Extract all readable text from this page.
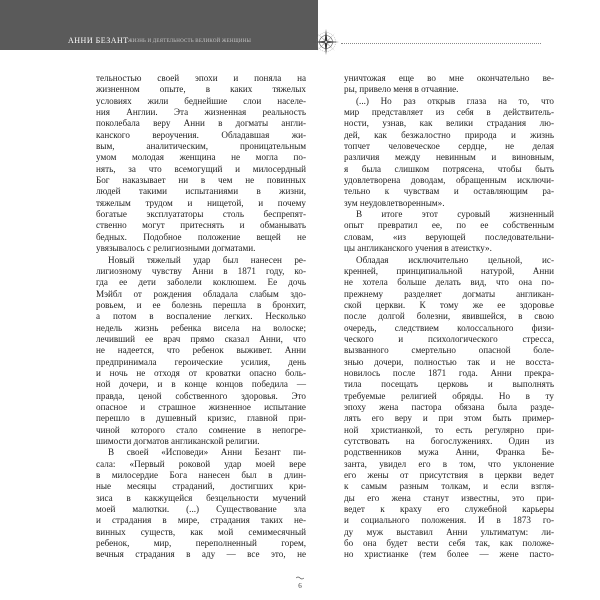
АННИ БЕЗАНТ ЖИЗНЬ И ДЕЯТЕЛЬНОСТЬ ВЕЛИКОЙ ЖЕНЩИНЫ
тельностью своей эпохи и поняла на
жизненном опыте, в каких тяжелых
условиях жили беднейшие слои населе-
ния Англии. Эта жизненная реальность
поколебала веру Анни в догматы англи-
канского вероучения. Обладавшая жи-
вым, аналитическим, проницательным
умом молодая женщина не могла по-
нять, за что всемогущий и милосердный
Бог наказывает ни в чем не повинных
людей такими испытаниями в жизни,
тяжелым трудом и нищетой, и почему
богатые эксплуататоры столь беспрепят-
ственно могут притеснять и обманывать
бедных. Подобное положение вещей не
увязывалось с религиозными догматами.
Новый тяжелый удар был нанесен ре-
лигиозному чувству Анни в 1871 году, ко-
гда ее дети заболели коклюшем. Ее дочь
Мэйбл от рождения обладала слабым здо-
ровьем, и ее болезнь перешла в бронхит,
а потом в воспаление легких. Несколько
недель жизнь ребенка висела на волоске;
лечивший ее врач прямо сказал Анни, что
не надеется, что ребенок выживет. Анни
предпринимала героические усилия, день
и ночь не отходя от кроватки опасно боль-
ной дочери, и в конце концов победила —
правда, ценой собственного здоровья. Это
опасное и страшное жизненное испытание
перешло в душевный кризис, главной при-
чиной которого стало сомнение в непогре-
шимости догматов англиканской религии.
В своей «Исповеди» Анни Безант пи-
сала: «Первый роковой удар моей вере
в милосердие Бога нанесен был в длин-
ные месяцы страданий, достигших кри-
зиса в какжущейся безцельности мучений
моей малютки. (...) Существование зла
и страдания в мире, страдания таких не-
винных существ, как мой семимесячный
ребенок, мир, переполненный горем,
вечныя страдания в аду — все это, не
уничтожая еще во мне окончательно ве-
ры, привело меня в отчаяние.
(...) Но раз открыв глаза на то, что
мир представляет из себя в действитель-
ности, узнав, как велики страдания лю-
дей, как безжалостно природа и жизнь
топчет человеческое сердце, не делая
различия между невинным и виновным,
я была слишком потрясена, чтобы быть
удовлетворена доводам, обращенным исключи-
тельно к чувствам и оставляющим ра-
зум неудовлетворенным».
В итоге этот суровый жизненный
опыт превратил ее, по ее собственным
словам, «из верующей последовательни-
цы англиканского учения в атеистку».
Обладая исключительно цельной, ис-
кренней, принципиальной натурой, Анни
не хотела больше делать вид, что она по-
прежнему разделяет догматы англикан-
ской церкви. К тому же ее здоровье
после долгой болезни, явившейся, в свою
очередь, следствием колоссального физи-
ческого и психологического стресса,
вызванного смертельно опасной боле-
знью дочери, полностью так и не восста-
новилось после 1871 года. Анни прекра-
тила посещать церковь и выполнять
требуемые религией обряды. Но в ту
эпоху жена пастора обязана была разде-
лять его веру и при этом быть пример-
ной христианкой, то есть регулярно при-
сутствовать на богослужениях. Один из
родственников мужа Анни, Франка Бе-
занта, увидел его в том, что уклонение
его жены от присутствия в церкви ведет
к самым разным толкам, и если взгля-
ды его жена станут известны, это при-
ведет к краху его служебной карьеры
и социального положения. И в 1873 го-
ду муж выставил Анни ультиматум: ли-
бо она будет вести себя так, как положе-
но христианке (тем более — жене пасто-
6
